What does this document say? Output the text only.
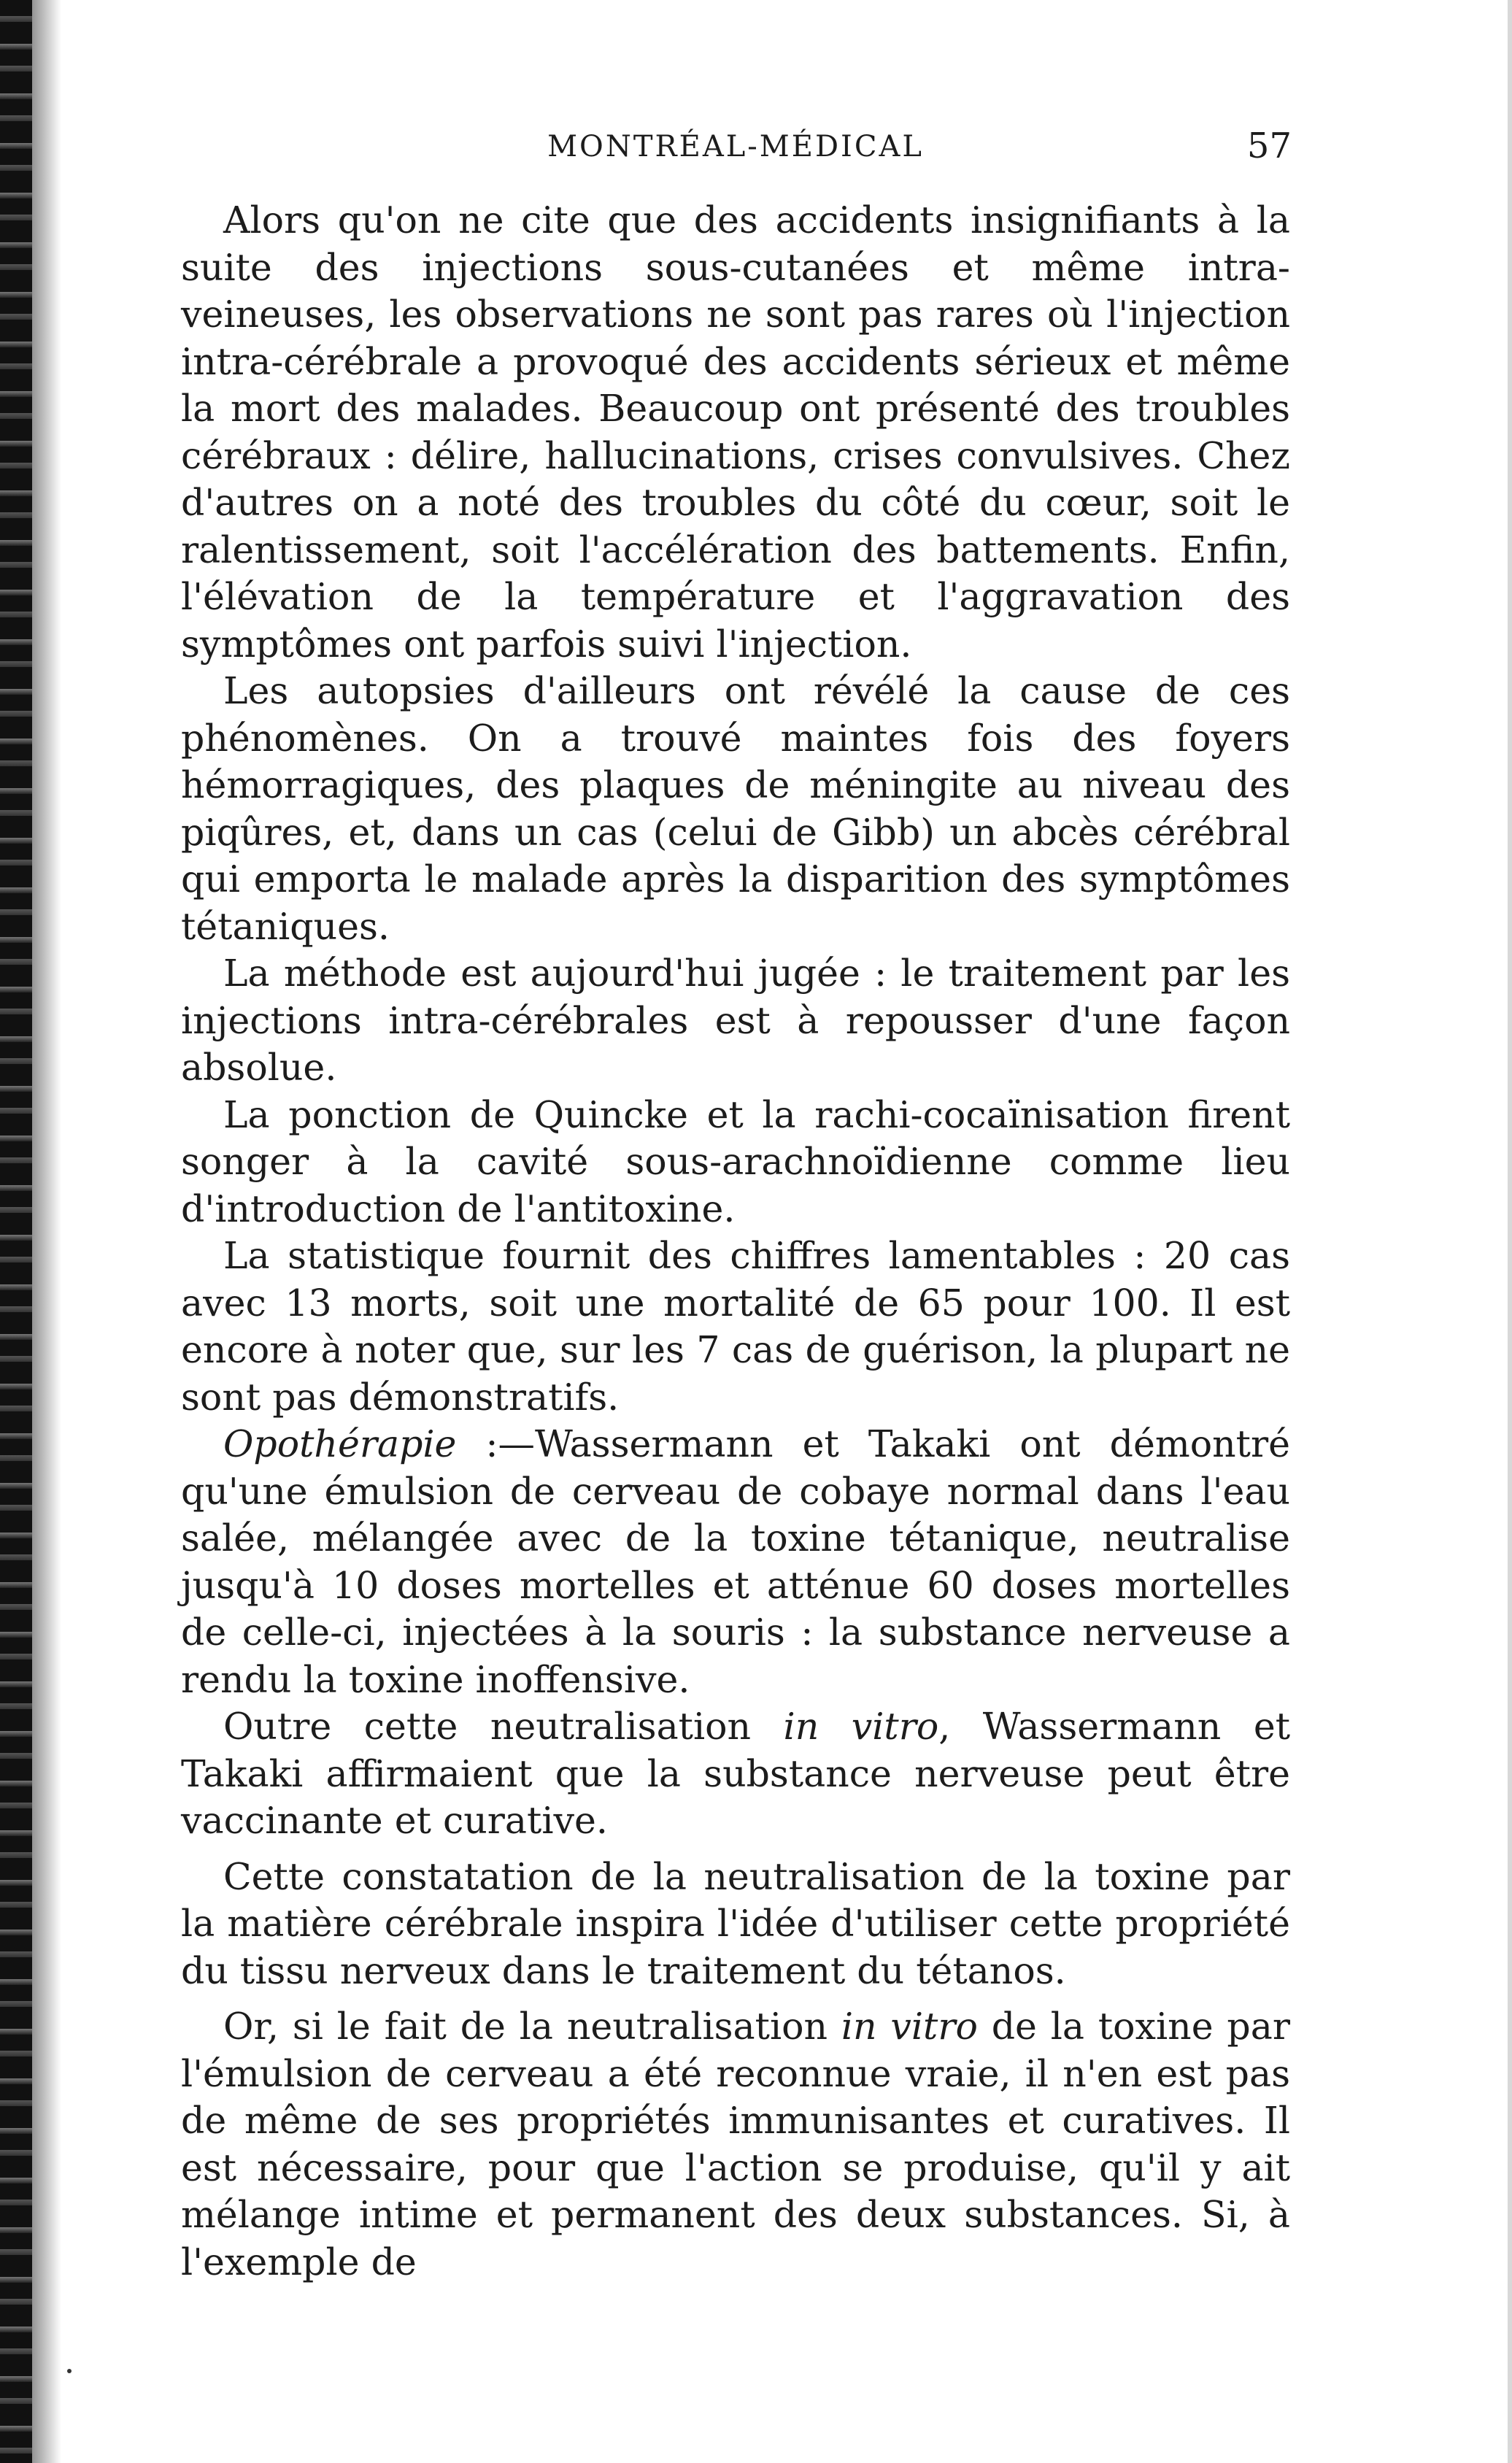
MONTRÉAL-MÉDICAL	57

Alors qu'on ne cite que des accidents insignifiants à la suite des injections sous-cutanées et même intra-veineuses, les observations ne sont pas rares où l'injection intra-cérébrale a provoqué des accidents sérieux et même la mort des malades. Beaucoup ont présenté des troubles cérébraux : délire, hallucinations, crises convulsives. Chez d'autres on a noté des troubles du côté du cœur, soit le ralentissement, soit l'accélération des battements. Enfin, l'élévation de la température et l'aggravation des symptômes ont parfois suivi l'injection.

Les autopsies d'ailleurs ont révélé la cause de ces phénomènes. On a trouvé maintes fois des foyers hémorragiques, des plaques de méningite au niveau des piqûres, et, dans un cas (celui de Gibb) un abcès cérébral qui emporta le malade après la disparition des symptômes tétaniques.

La méthode est aujourd'hui jugée : le traitement par les injections intra-cérébrales est à repousser d'une façon absolue.

La ponction de Quincke et la rachi-cocaïnisation firent songer à la cavité sous-arachnoïdienne comme lieu d'introduction de l'antitoxine.

La statistique fournit des chiffres lamentables : 20 cas avec 13 morts, soit une mortalité de 65 pour 100. Il est encore à noter que, sur les 7 cas de guérison, la plupart ne sont pas démonstratifs.

Opothérapie :—Wassermann et Takaki ont démontré qu'une émulsion de cerveau de cobaye normal dans l'eau salée, mélangée avec de la toxine tétanique, neutralise jusqu'à 10 doses mortelles et atténue 60 doses mortelles de celle-ci, injectées à la souris : la substance nerveuse a rendu la toxine inoffensive.

Outre cette neutralisation in vitro, Wassermann et Takaki affirmaient que la substance nerveuse peut être vaccinante et curative.

Cette constatation de la neutralisation de la toxine par la matière cérébrale inspira l'idée d'utiliser cette propriété du tissu nerveux dans le traitement du tétanos.

Or, si le fait de la neutralisation in vitro de la toxine par l'émulsion de cerveau a été reconnue vraie, il n'en est pas de même de ses propriétés immunisantes et curatives. Il est nécessaire, pour que l'action se produise, qu'il y ait mélange intime et permanent des deux substances. Si, à l'exemple de
